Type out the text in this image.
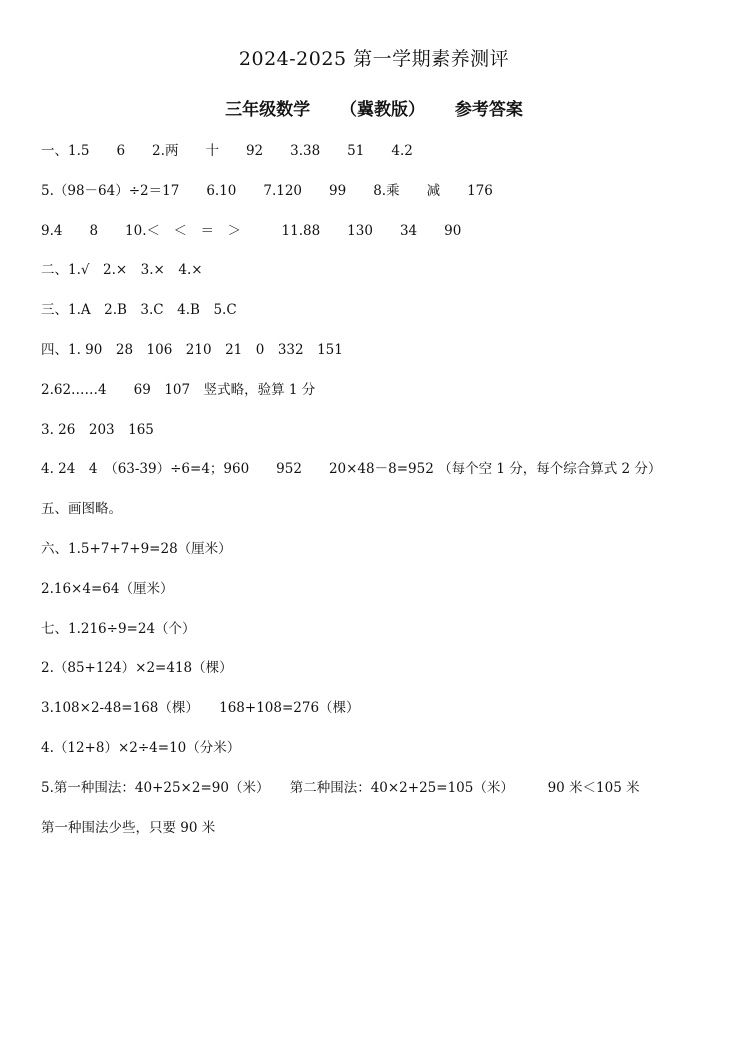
2024-2025 第一学期素养测评
三年级数学 （冀教版） 参考答案
一、1.5　　6　　2.两　　十　　92　　3.38　　51　　4.2
5.（98－64）÷2＝17　　6.10　　7.120　　99　　8.乘　　减　　176
9.4　　8　　10.＜　＜　＝　＞　　　11.88　　130　　34　　90
二、1.√　2.×　3.×　4.×
三、1.A　2.B　3.C　4.B　5.C
四、1. 90　28　106　210　21　0　332　151
2.62……4　　69　107　竖式略，验算 1 分
3. 26　203　165
4. 24　4　（63-39）÷6=4；960　　952　　20×48－8=952 （每个空 1 分，每个综合算式 2 分）
五、画图略。
六、1.5+7+7+9=28（厘米）
2.16×4=64（厘米）
七、1.216÷9=24（个）
2.（85+124）×2=418（棵）
3.108×2-48=168（棵）　　168+108=276（棵）
4.（12+8）×2÷4=10（分米）
5.第一种围法：40+25×2=90（米）　　第二种围法：40×2+25=105（米）　　　90 米＜105 米
第一种围法少些，只要 90 米
